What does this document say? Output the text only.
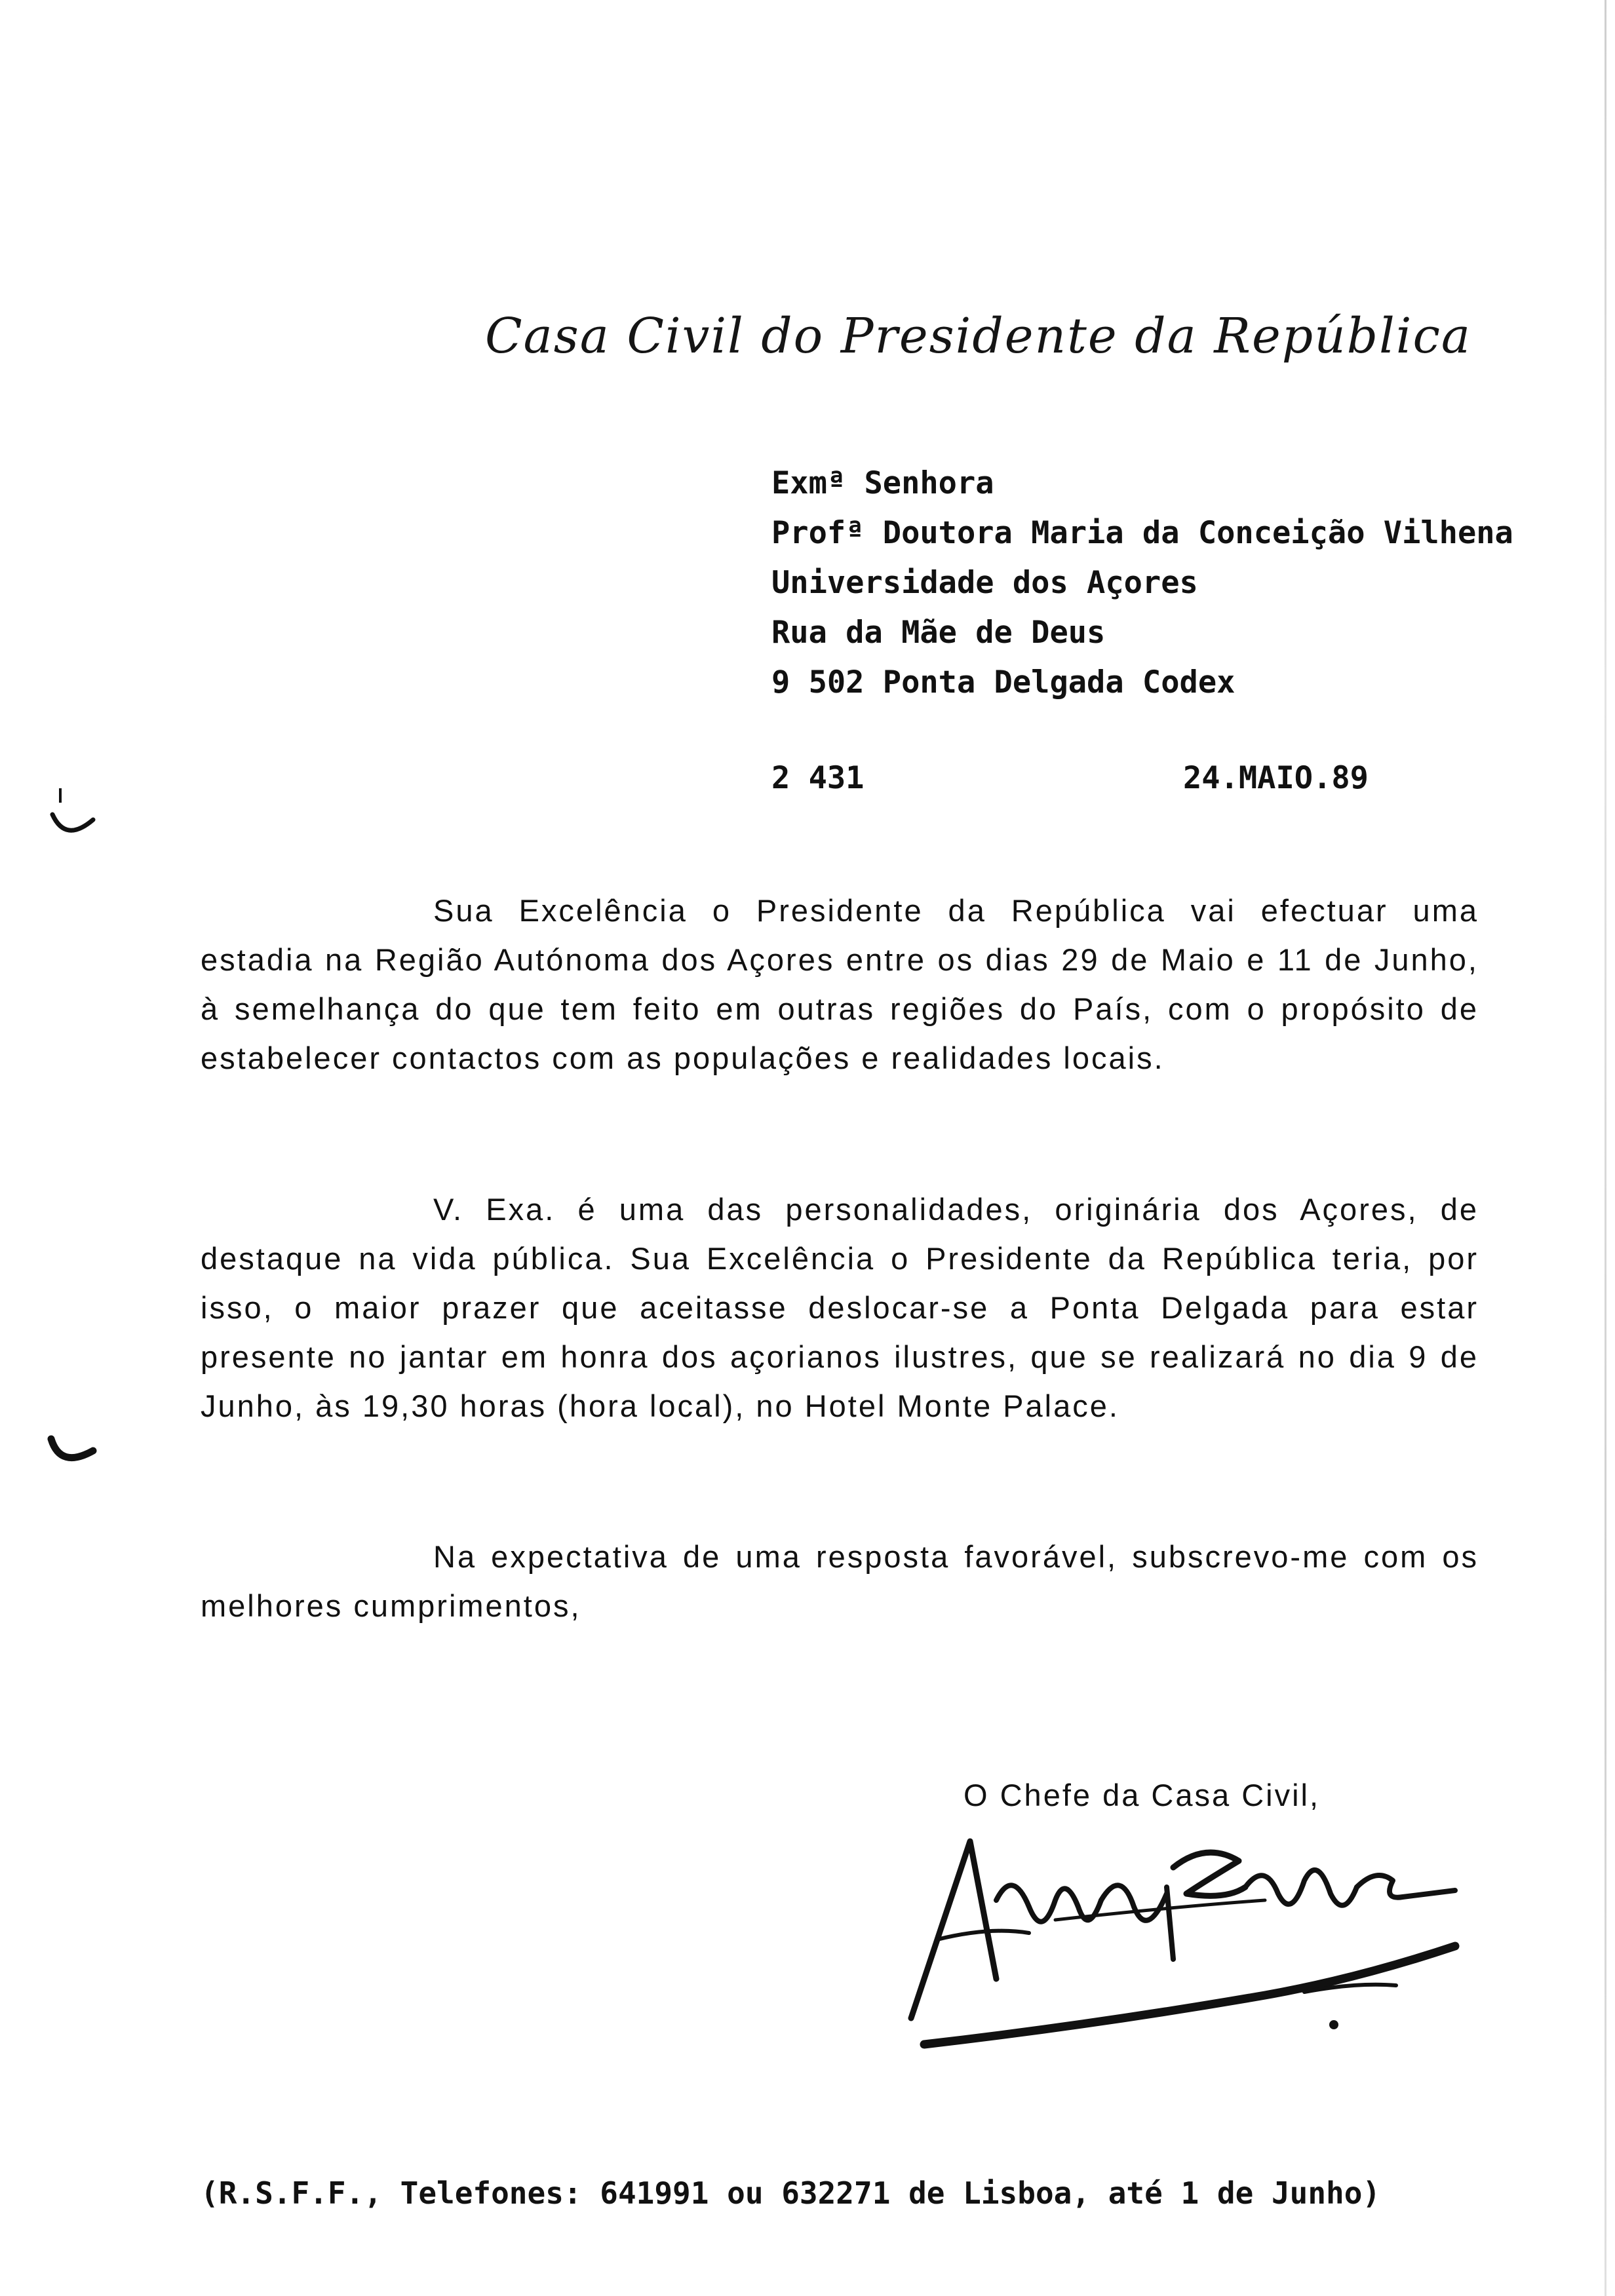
Casa Civil do Presidente da República
Exmª Senhora
Profª Doutora Maria da Conceição Vilhena
Universidade dos Açores
Rua da Mãe de Deus
9 502 Ponta Delgada Codex
2 431	24.MAIO.89

Sua Excelência o Presidente da República vai efectuar uma estadia na Região Autónoma dos Açores entre os dias 29 de Maio e 11 de Junho, à semelhança do que tem feito em outras regiões do País, com o propósito de estabelecer contactos com as populações e realidades locais.

V. Exa. é uma das personalidades, originária dos Açores, de destaque na vida pública. Sua Excelência o Presidente da República teria, por isso, o maior prazer que aceitasse deslocar-se a Ponta Delgada para estar presente no jantar em honra dos açorianos ilustres, que se realizará no dia 9 de Junho, às 19,30 horas (hora local), no Hotel Monte Palace.

Na expectativa de uma resposta favorável, subscrevo-me com os melhores cumprimentos,

O Chefe da Casa Civil,
(R.S.F.F., Telefones: 641991 ou 632271 de Lisboa, até 1 de Junho)
